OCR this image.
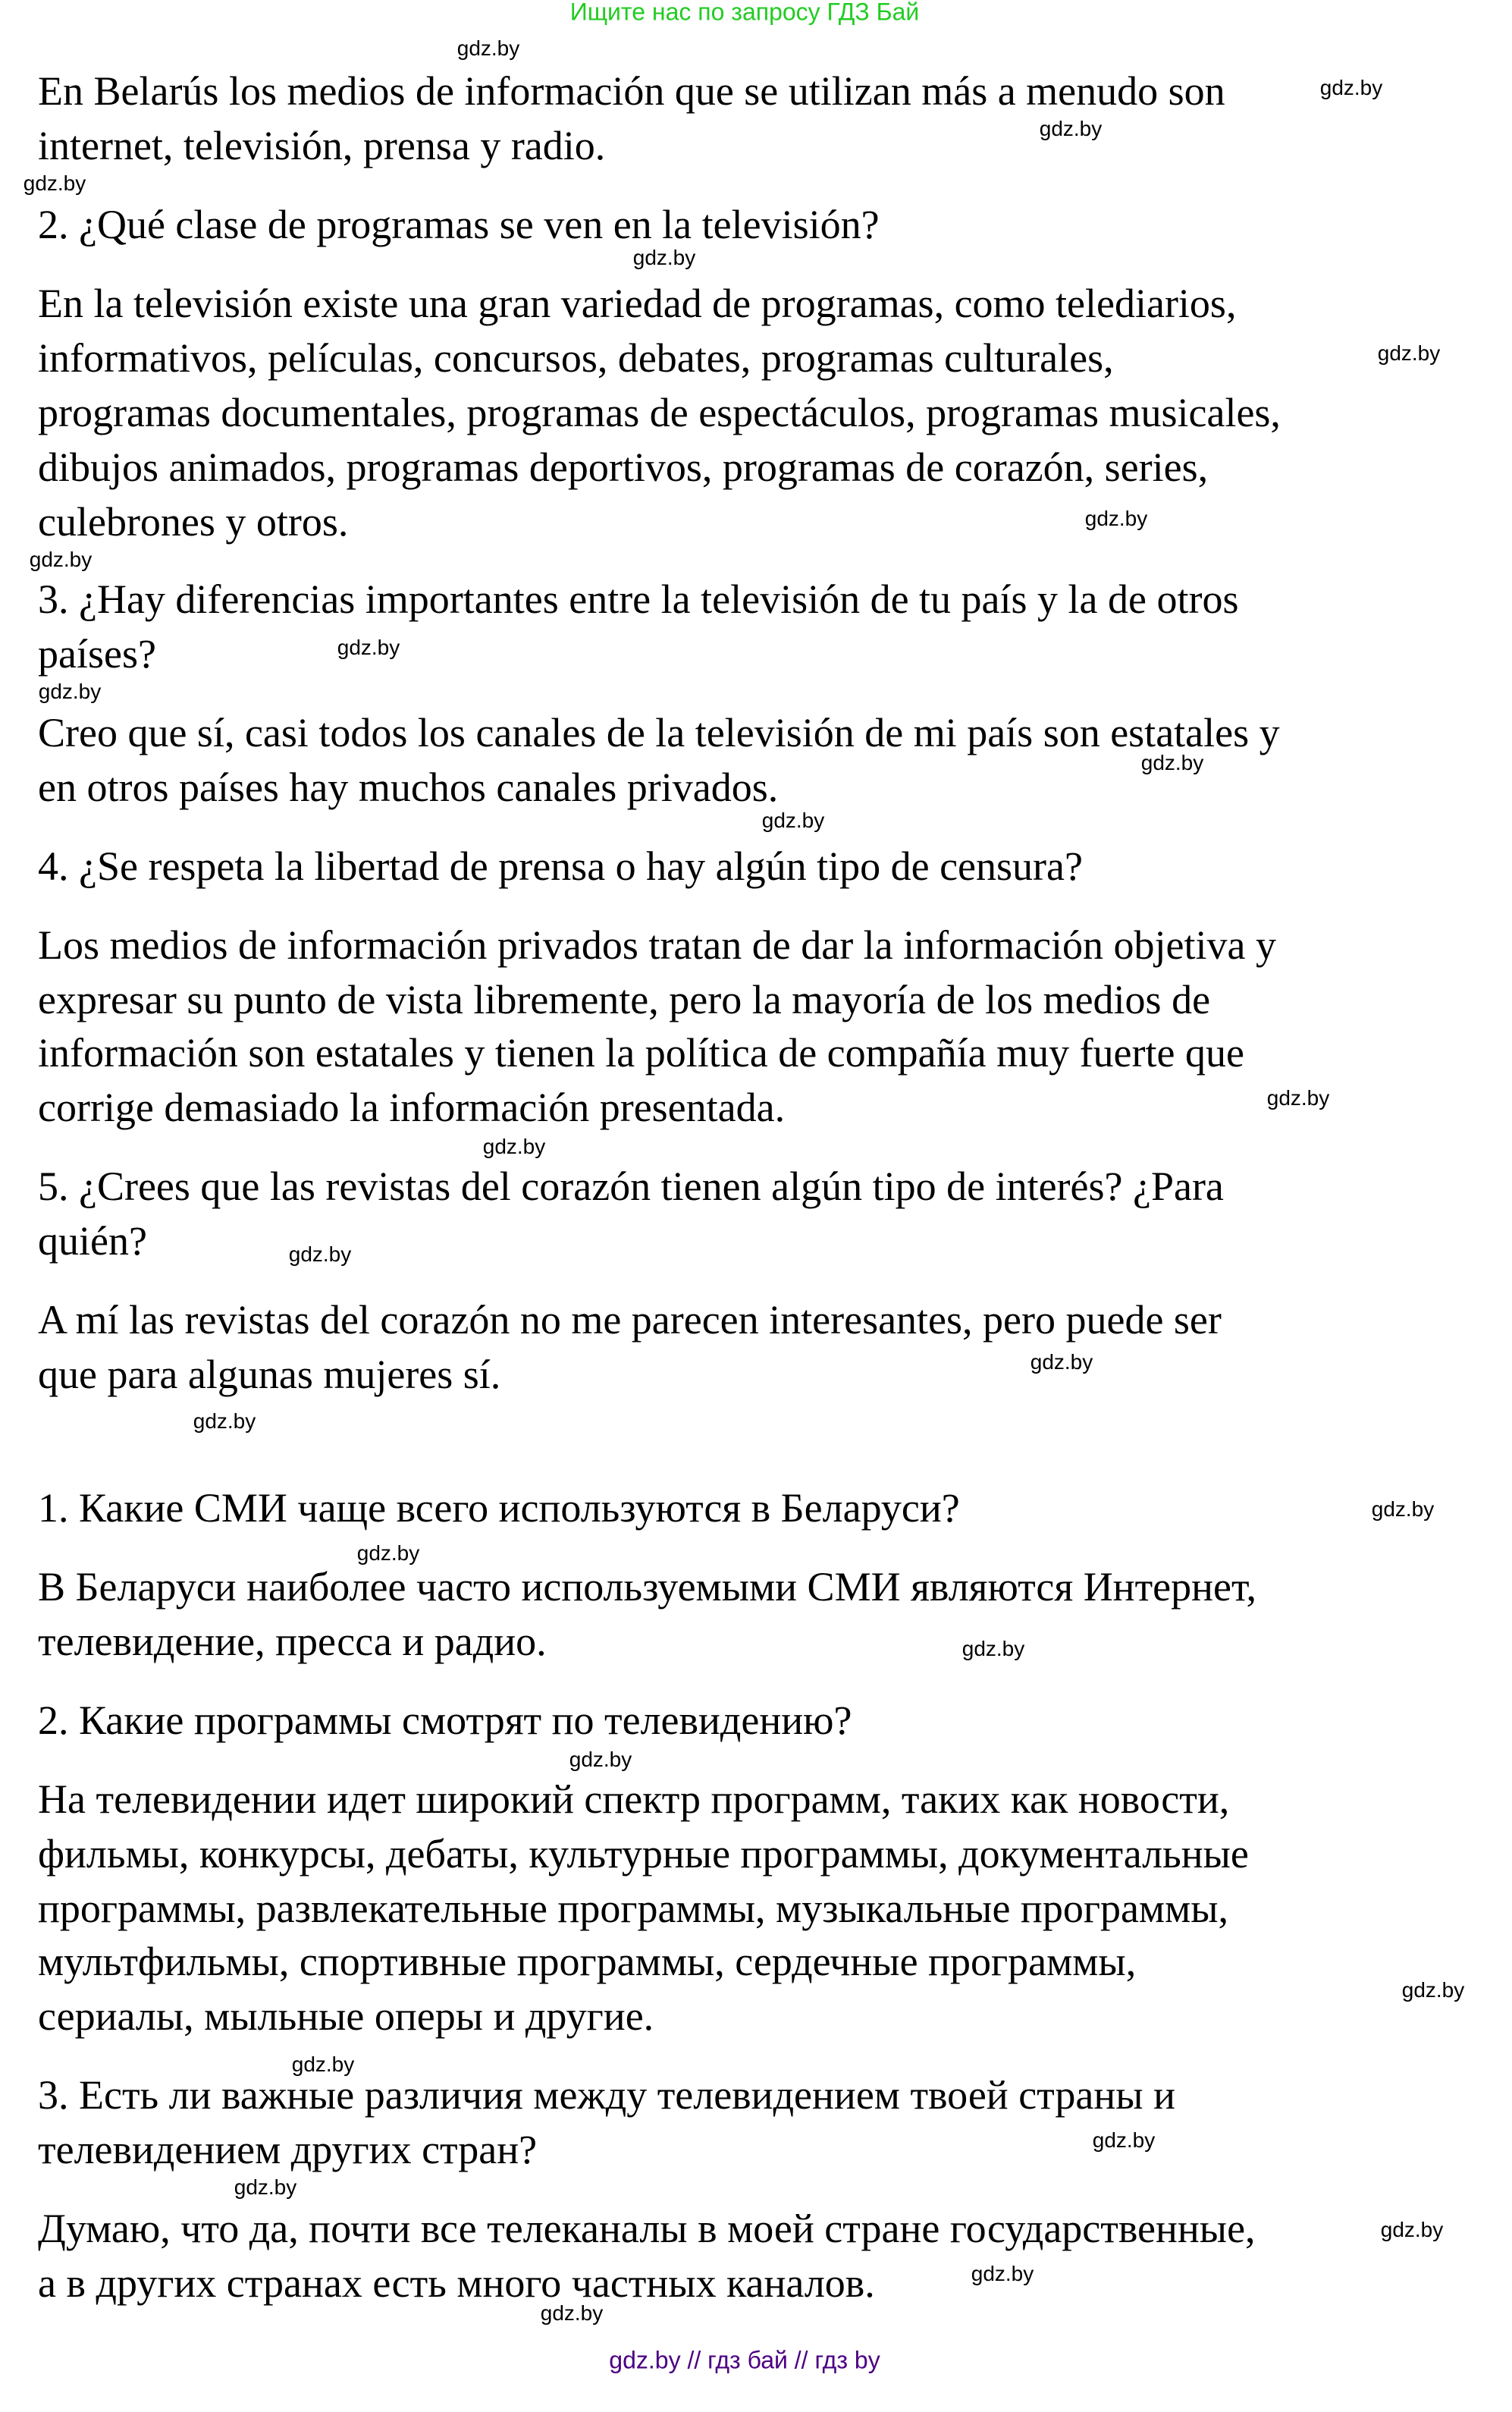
Ищите нас по запросу ГДЗ Бай
En Belarús los medios de información que se utilizan más a menudo son
internet, televisión, prensa y radio.
2. ¿Qué clase de programas se ven en la televisión?
En la televisión existe una gran variedad de programas, como telediarios,
informativos, películas, concursos, debates, programas culturales,
programas documentales, programas de espectáculos, programas musicales,
dibujos animados, programas deportivos, programas de corazón, series,
culebrones y otros.
3. ¿Hay diferencias importantes entre la televisión de tu país y la de otros
países?
Creo que sí, casi todos los canales de la televisión de mi país son estatales y
en otros países hay muchos canales privados.
4. ¿Se respeta la libertad de prensa o hay algún tipo de censura?
Los medios de información privados tratan de dar la información objetiva y
expresar su punto de vista libremente, pero la mayoría de los medios de
información son estatales y tienen la política de compañía muy fuerte que
corrige demasiado la información presentada.
5. ¿Crees que las revistas del corazón tienen algún tipo de interés? ¿Para
quién?
A mí las revistas del corazón no me parecen interesantes, pero puede ser
que para algunas mujeres sí.
1. Какие СМИ чаще всего используются в Беларуси?
В Беларуси наиболее часто используемыми СМИ являются Интернет,
телевидение, пресса и радио.
2. Какие программы смотрят по телевидению?
На телевидении идет широкий спектр программ, таких как новости,
фильмы, конкурсы, дебаты, культурные программы, документальные
программы, развлекательные программы, музыкальные программы,
мультфильмы, спортивные программы, сердечные программы,
сериалы, мыльные оперы и другие.
3. Есть ли важные различия между телевидением твоей страны и
телевидением других стран?
Думаю, что да, почти все телеканалы в моей стране государственные,
а в других странах есть много частных каналов.
gdz.by
gdz.by
gdz.by
gdz.by
gdz.by
gdz.by
gdz.by
gdz.by
gdz.by
gdz.by
gdz.by
gdz.by
gdz.by
gdz.by
gdz.by
gdz.by
gdz.by
gdz.by
gdz.by
gdz.by
gdz.by
gdz.by
gdz.by
gdz.by
gdz.by
gdz.by
gdz.by
gdz.by
gdz.by // гдз бай // гдз by
